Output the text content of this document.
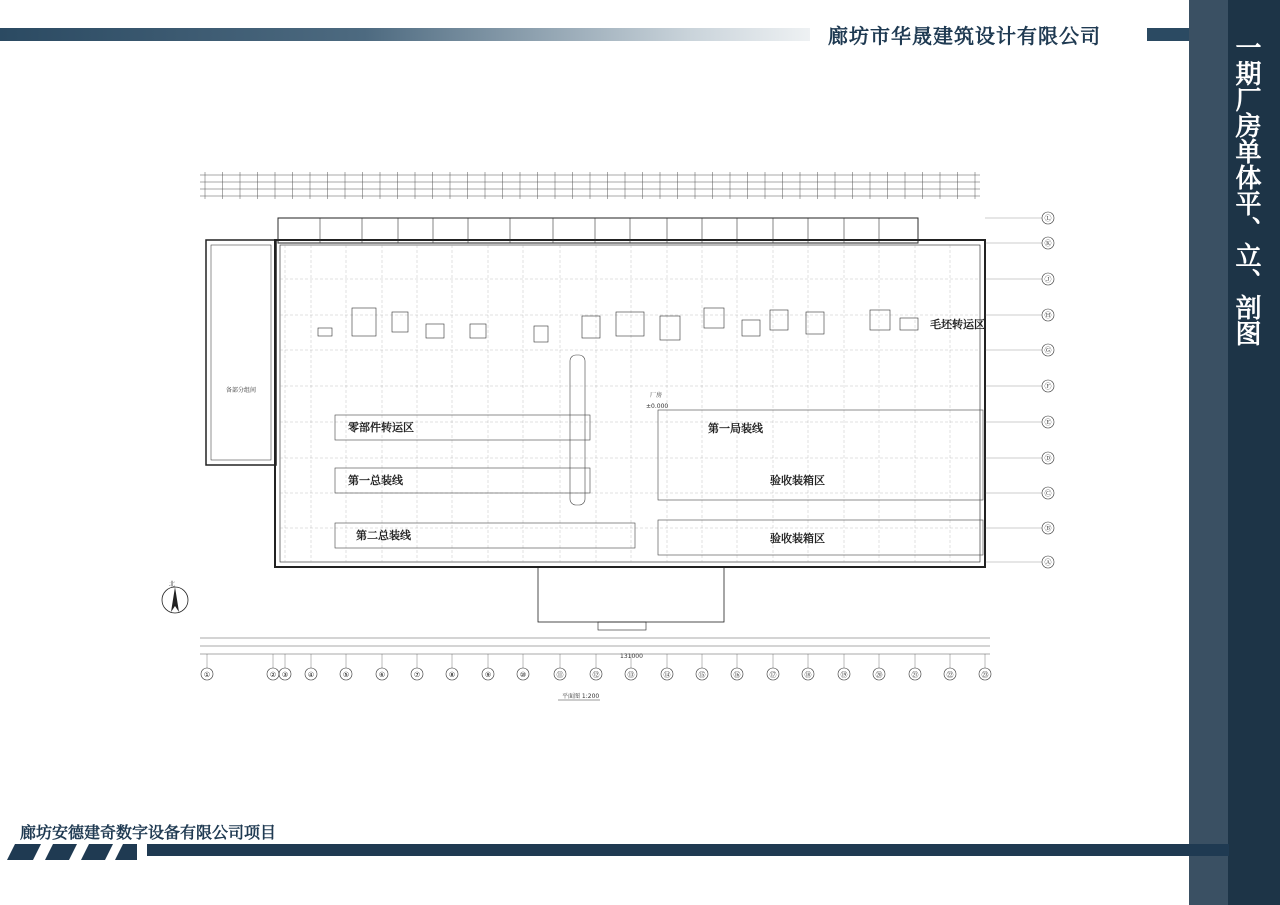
廊坊市华晟建筑设计有限公司	一期厂房单体平、立、剖图
廊坊安德建奇数字设备有限公司项目
零部件转运区
第一总装线
第二总装线
第一局装线
验收装箱区
验收装箱区
毛坯转运区
厂房
±0.000
备部分组间
131000
①	② ③	④	⑤	⑥	⑦	⑧	⑨	⑩	⑪	⑫	⑬	⑭	⑮	⑯	⑰	⑱	⑲	⑳	㉑	㉒	㉓
Ⓐ
Ⓑ
Ⓒ
Ⓓ
Ⓔ
Ⓕ
Ⓖ
Ⓗ
Ⓙ
Ⓚ
Ⓛ
平面图 1:200
北
